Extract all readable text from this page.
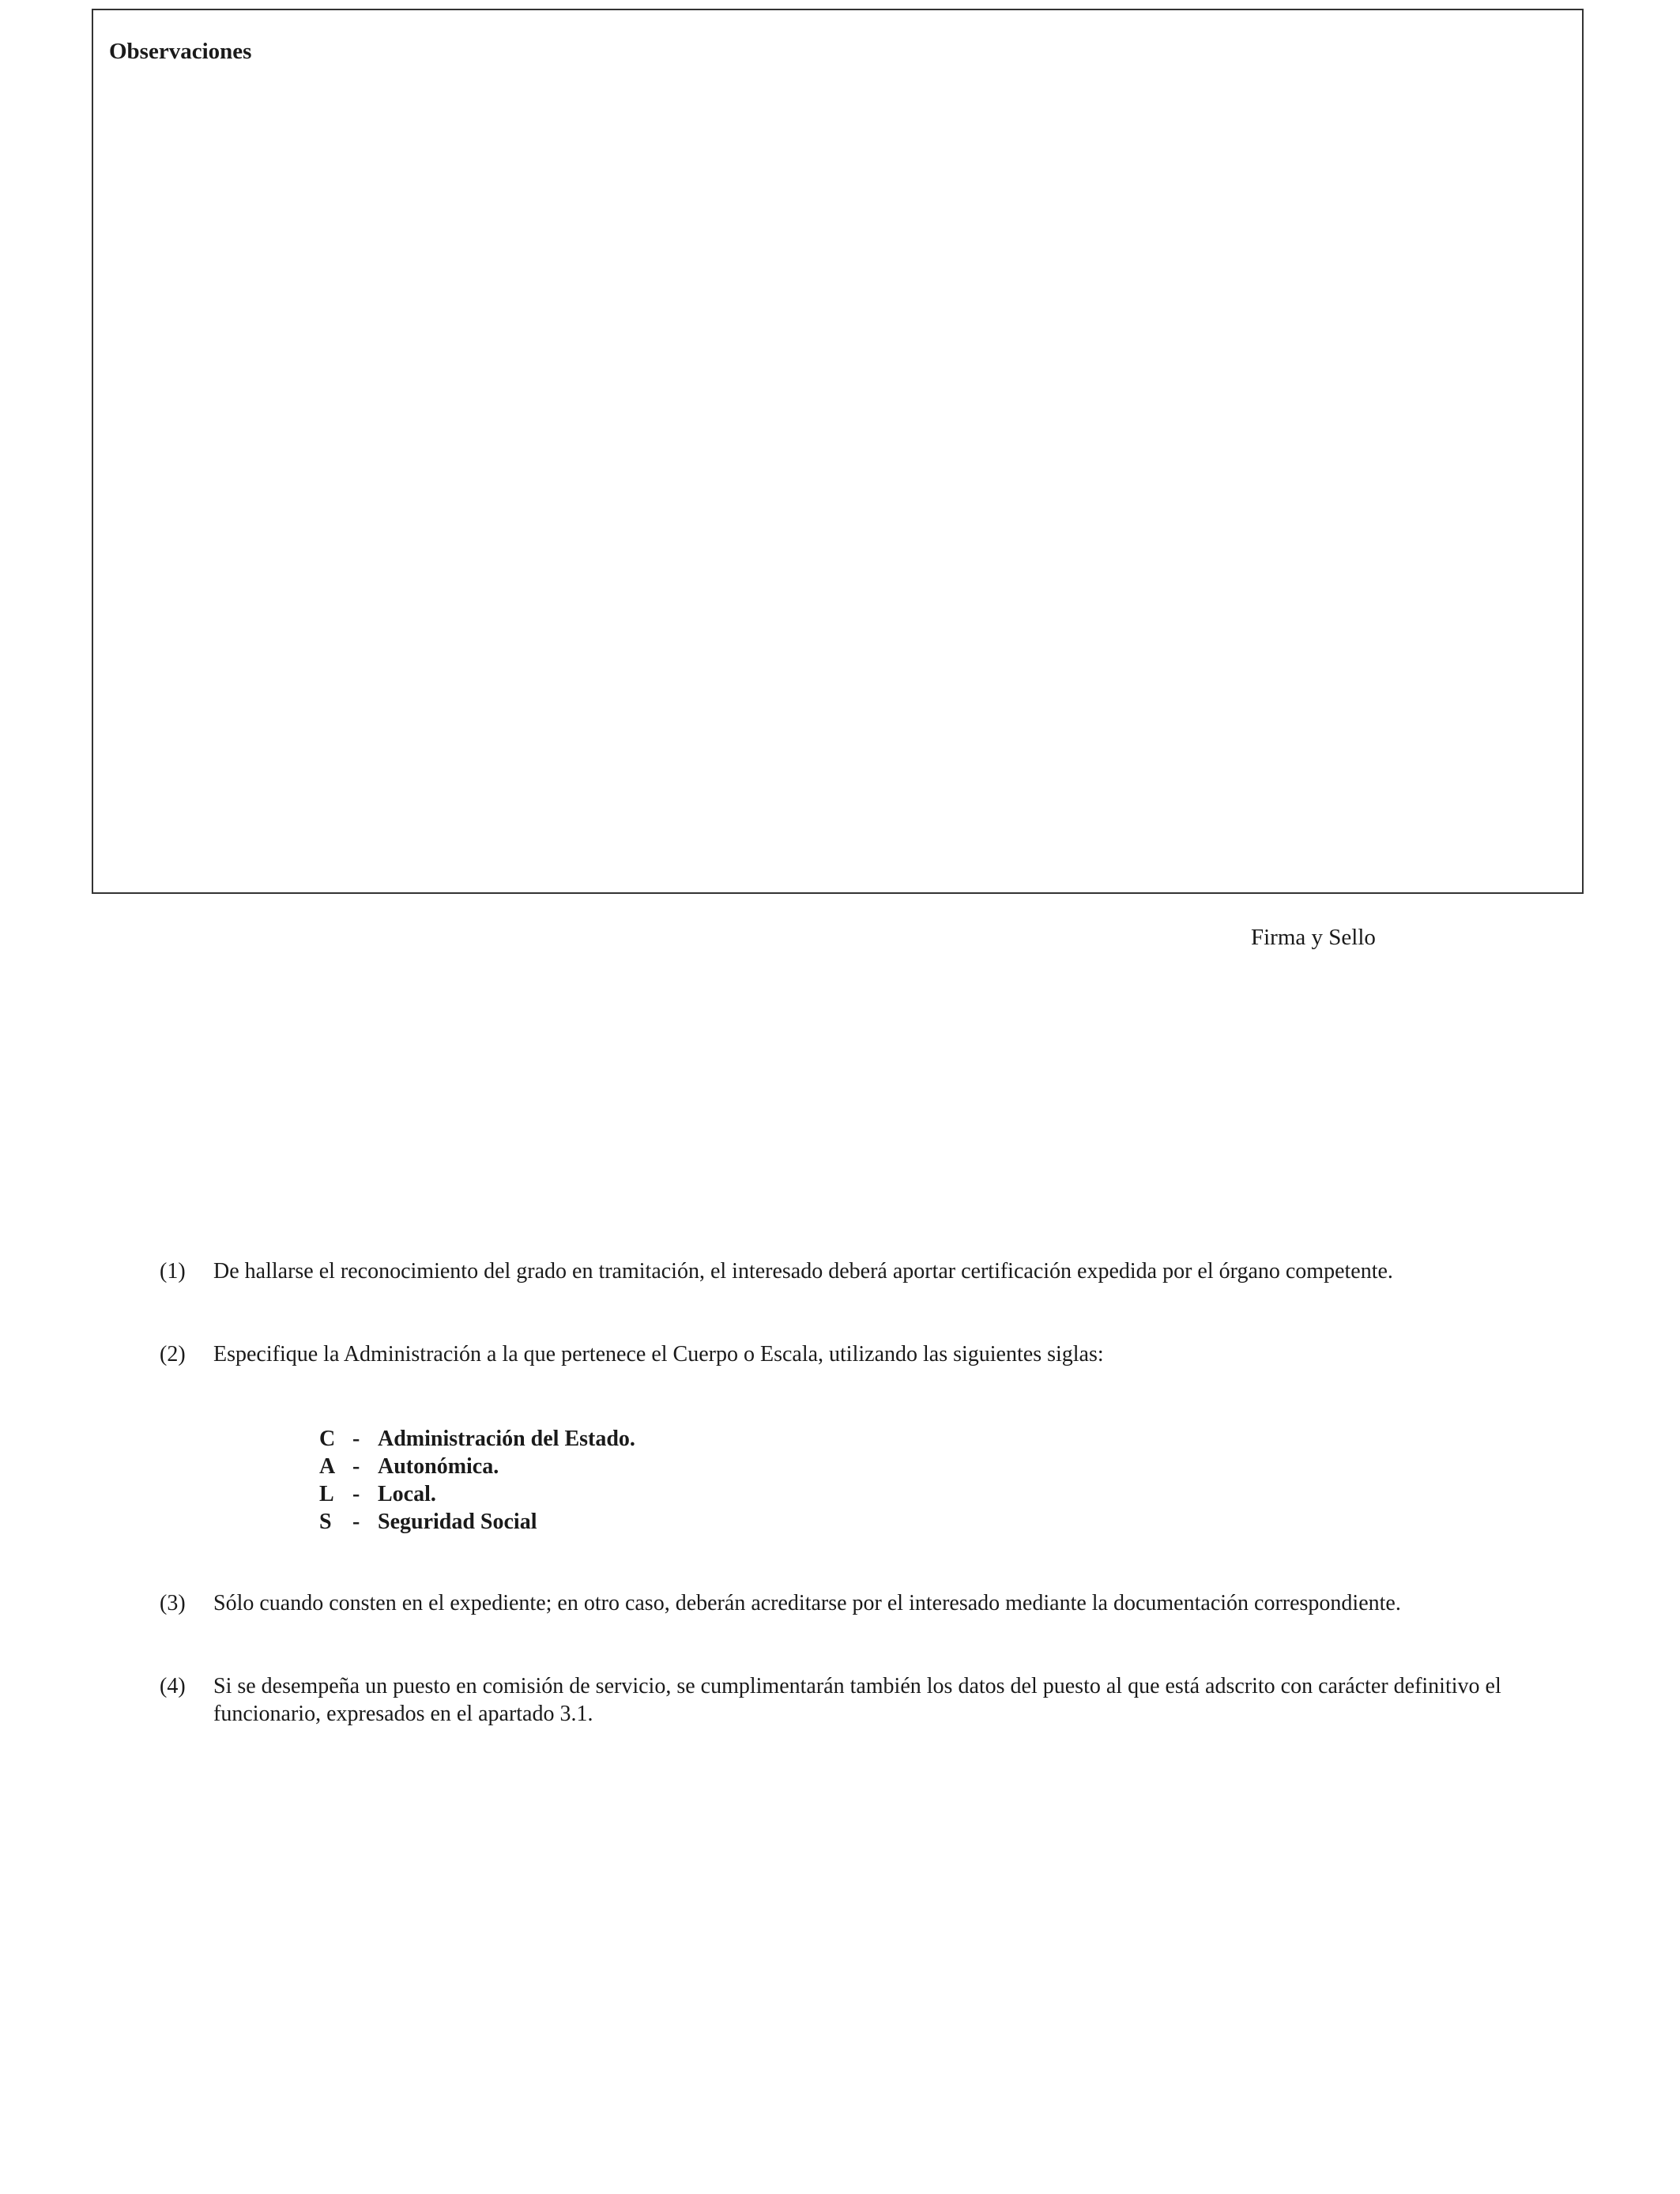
Observaciones
Firma y Sello
(1) De hallarse el reconocimiento del grado en tramitación, el interesado deberá aportar certificación expedida por el órgano competente.
(2) Especifique la Administración a la que pertenece el Cuerpo o Escala, utilizando las siguientes siglas:
C - Administración del Estado.
A - Autonómica.
L - Local.
S - Seguridad Social
(3) Sólo cuando consten en el expediente; en otro caso, deberán acreditarse por el interesado mediante la documentación correspondiente.
(4) Si se desempeña un puesto en comisión de servicio, se cumplimentarán también los datos del puesto al que está adscrito con carácter definitivo el funcionario, expresados en el apartado 3.1.
